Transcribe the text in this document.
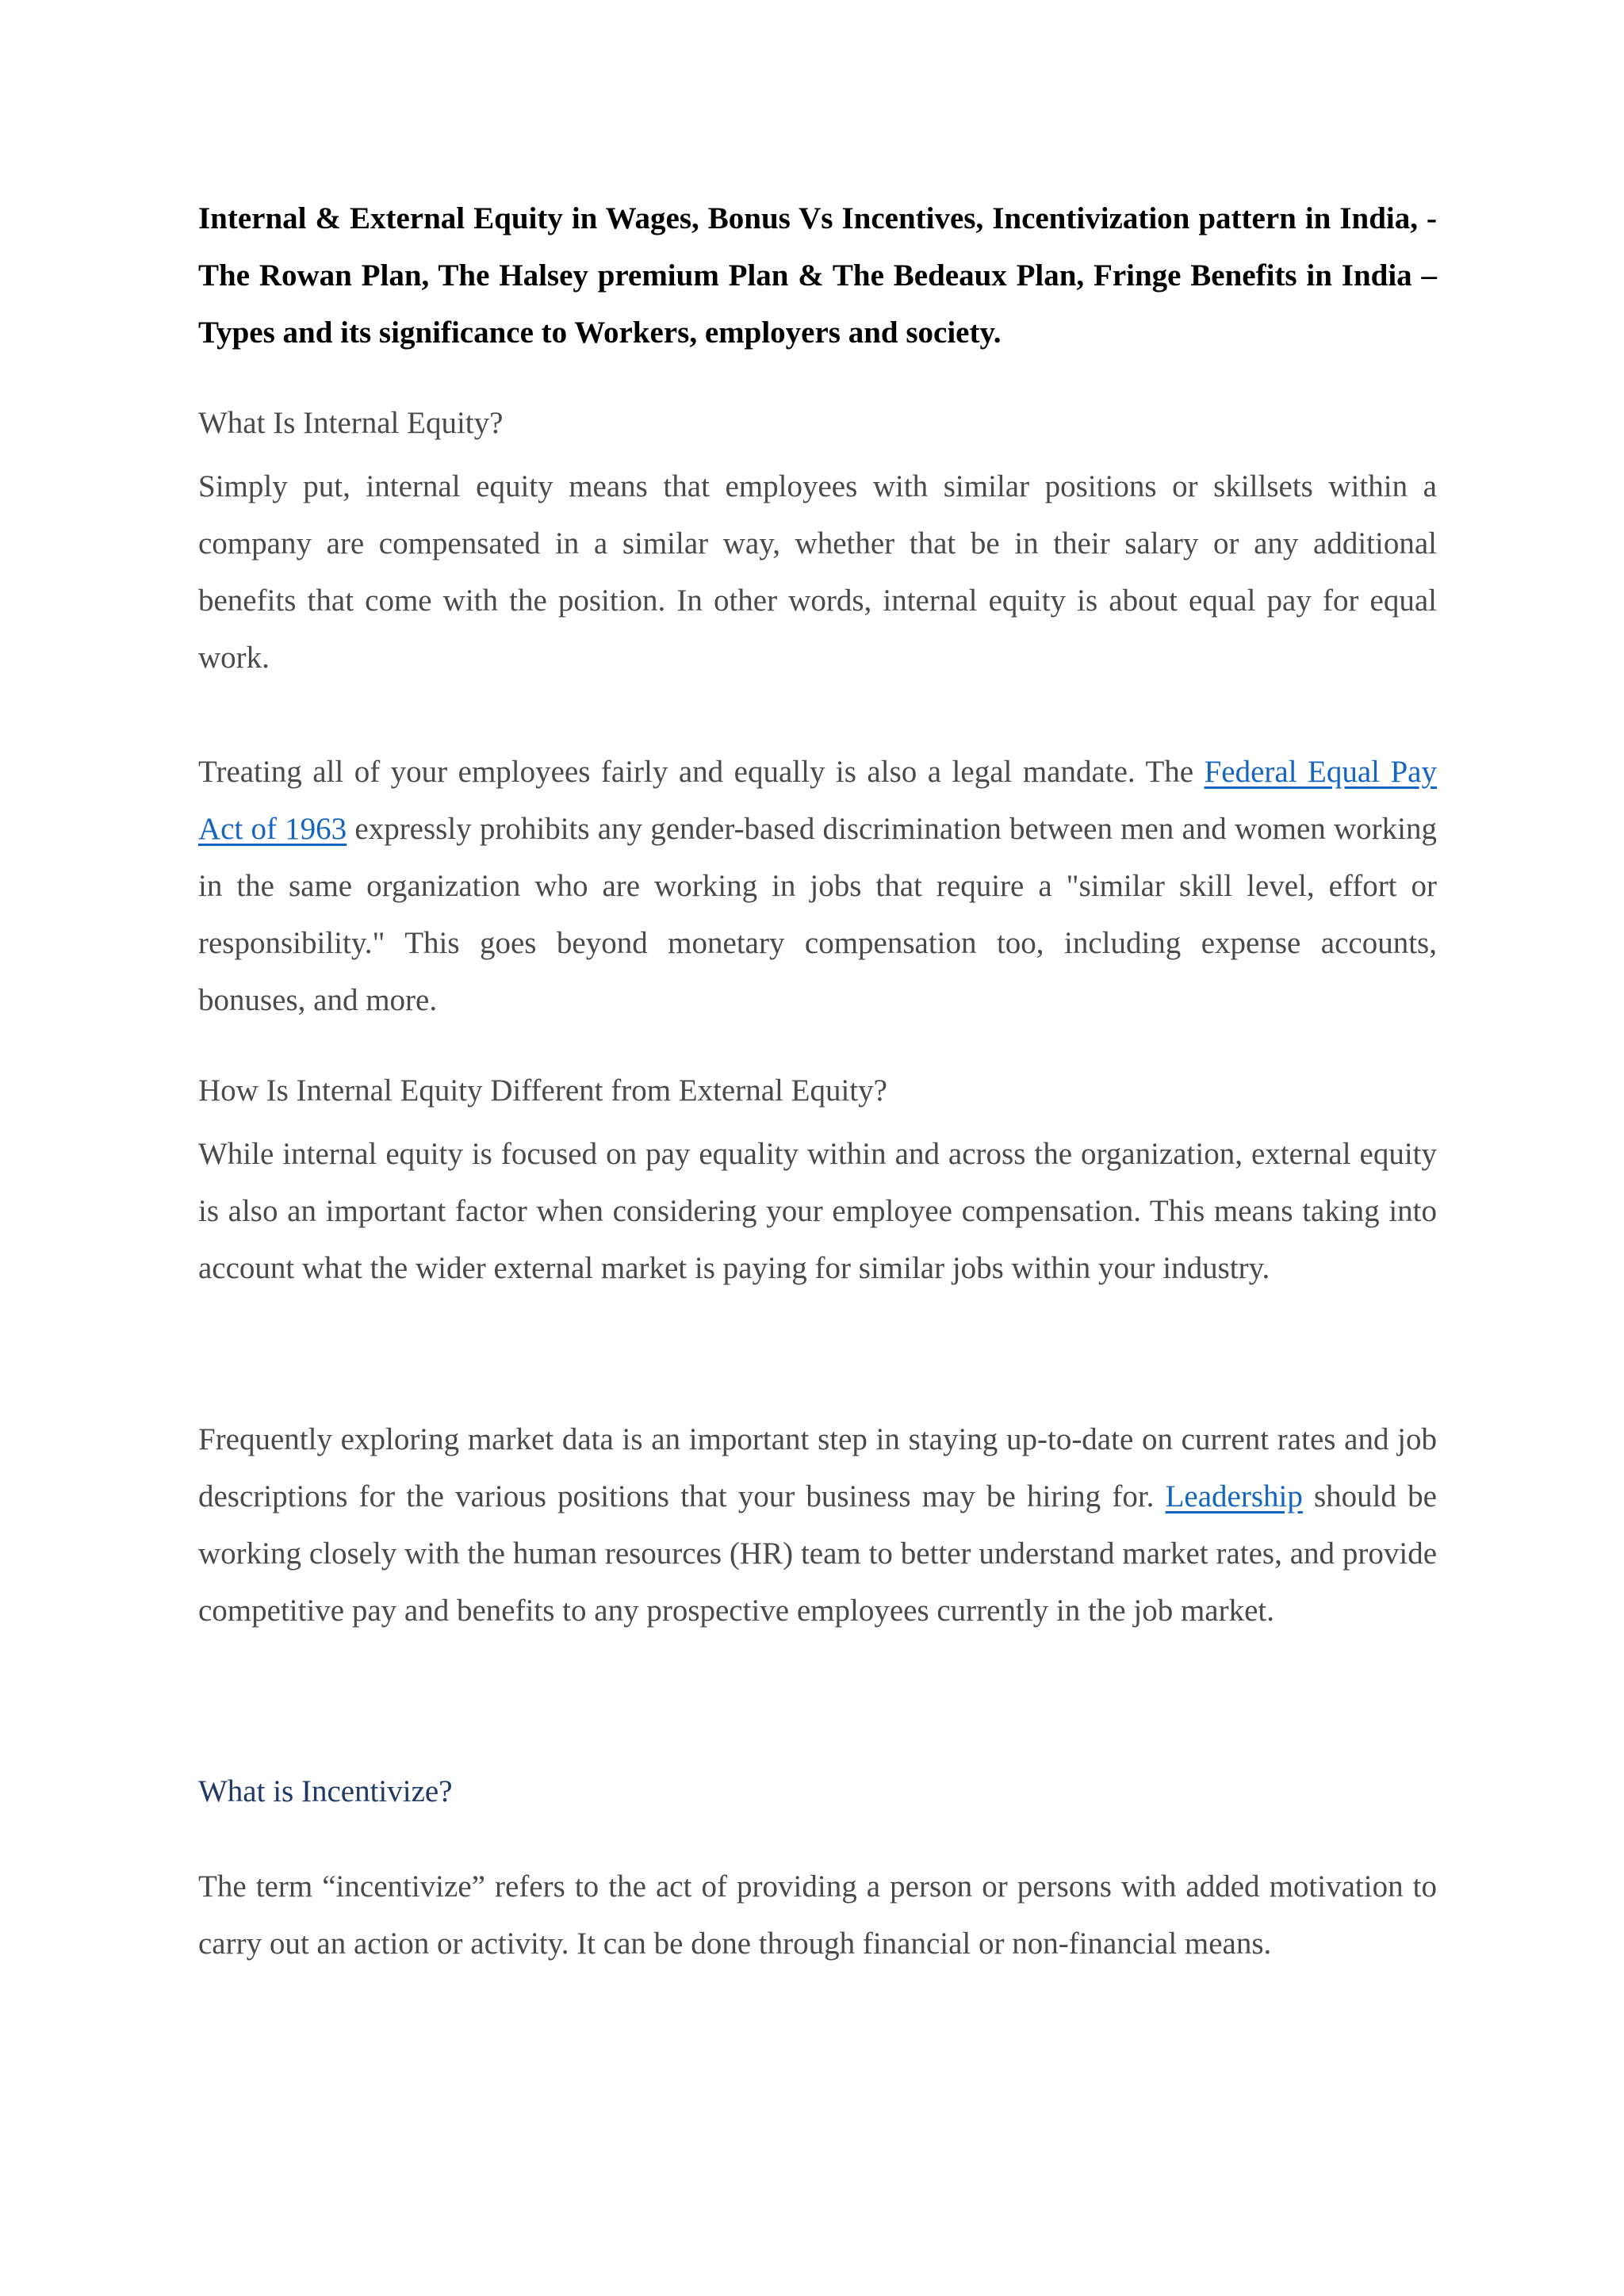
Internal & External Equity in Wages, Bonus Vs Incentives, Incentivization pattern in India, - The Rowan Plan, The Halsey premium Plan & The Bedeaux Plan, Fringe Benefits in India – Types and its significance to Workers, employers and society.

What Is Internal Equity?

Simply put, internal equity means that employees with similar positions or skillsets within a company are compensated in a similar way, whether that be in their salary or any additional benefits that come with the position. In other words, internal equity is about equal pay for equal work.

Treating all of your employees fairly and equally is also a legal mandate. The Federal Equal Pay Act of 1963 expressly prohibits any gender-based discrimination between men and women working in the same organization who are working in jobs that require a "similar skill level, effort or responsibility." This goes beyond monetary compensation too, including expense accounts, bonuses, and more.

How Is Internal Equity Different from External Equity?

While internal equity is focused on pay equality within and across the organization, external equity is also an important factor when considering your employee compensation. This means taking into account what the wider external market is paying for similar jobs within your industry.

Frequently exploring market data is an important step in staying up-to-date on current rates and job descriptions for the various positions that your business may be hiring for. Leadership should be working closely with the human resources (HR) team to better understand market rates, and provide competitive pay and benefits to any prospective employees currently in the job market.

What is Incentivize?

The term “incentivize” refers to the act of providing a person or persons with added motivation to carry out an action or activity. It can be done through financial or non-financial means.
